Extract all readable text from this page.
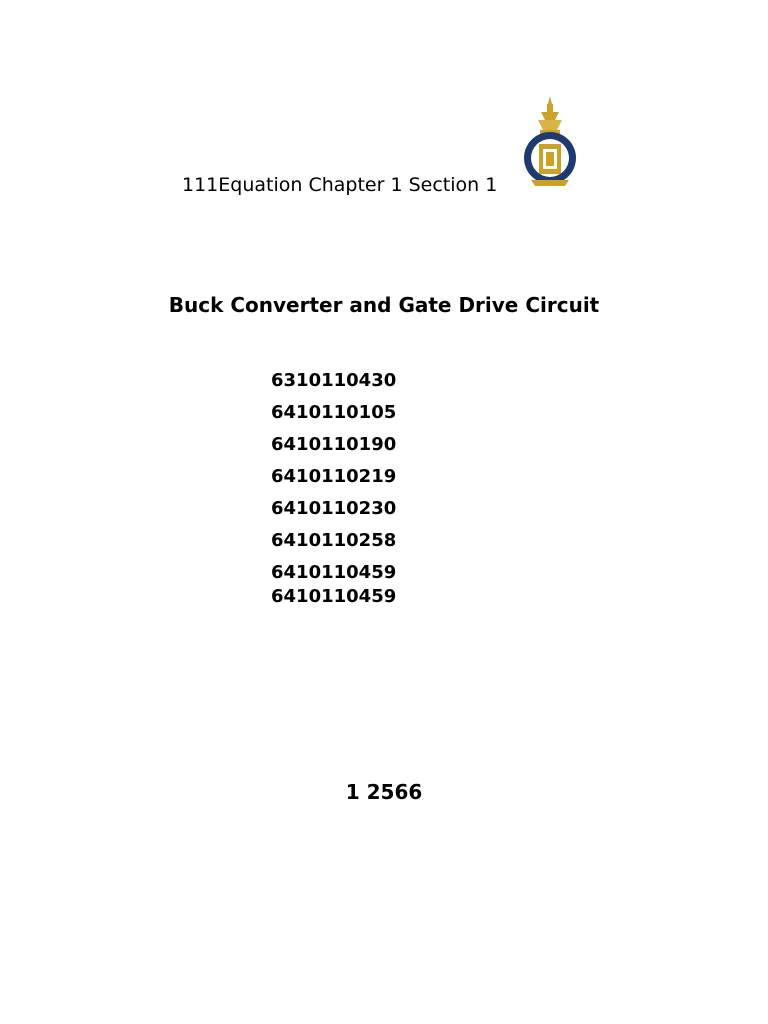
111Equation Chapter 1 Section 1
Buck Converter and Gate Drive Circuit
6310110430
6410110105
6410110190
6410110219
6410110230
6410110258
6410110459
6410110459
1 2566
